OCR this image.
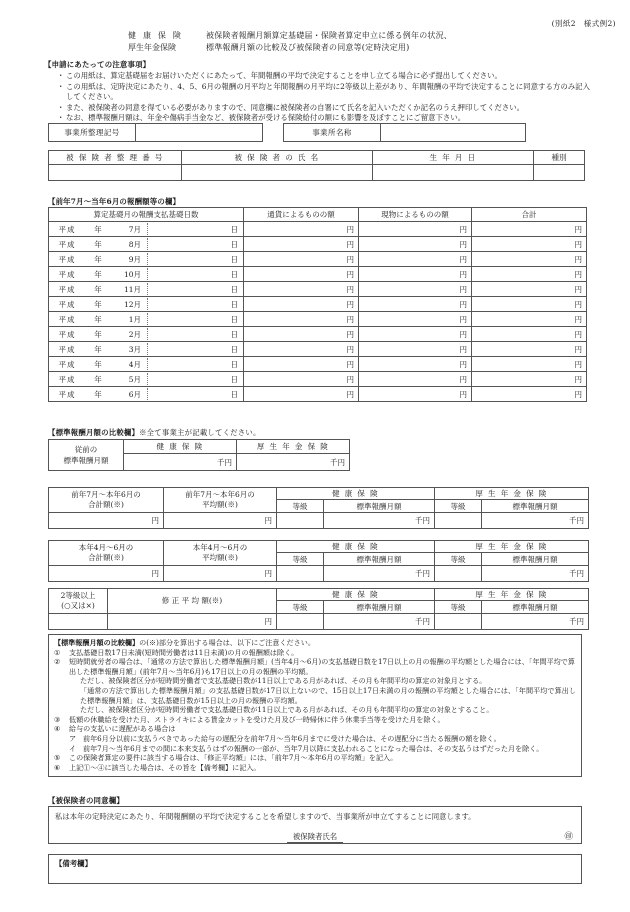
(別紙2　様式例2)
健 康 保 険	被保険者報酬月額算定基礎届・保険者算定申立に係る例年の状況、
厚生年金保険	標準報酬月額の比較及び被保険者の同意等(定時決定用)
【申請にあたっての注意事項】
・ この用紙は、算定基礎届をお届けいただくにあたって、年間報酬の平均で決定することを申し立てる場合に必ず提出してください。
・ この用紙は、定時決定にあたり、4、5、6月の報酬の月平均と年間報酬の月平均に2等級以上差があり、年間報酬の平均で決定することに同意する方のみ記入してください。
・ また、被保険者の同意を得ている必要がありますので、同意欄に被保険者の自署にて氏名を記入いただくか記名のうえ押印してください。
・ なお、標準報酬月額は、年金や傷病手当金など、被保険者が受ける保険給付の額にも影響を及ぼすことにご留意下さい。
事業所整理記号			事業所名称	
被 保 険 者 整 理 番 号	被 保 険 者 の 氏 名	生 年 月 日	種別

【前年7月～当年6月の報酬額等の欄】
算定基礎月の報酬支払基礎日数	通貨によるものの額	現物によるものの額	合計

平成 年 7月 日	円	円	円

平成 年 8月 日	円	円	円

平成 年 9月 日	円	円	円

平成 年 10月 日	円	円	円

平成 年 11月 日	円	円	円

平成 年 12月 日	円	円	円

平成 年 1月 日	円	円	円

平成 年 2月 日	円	円	円

平成 年 3月 日	円	円	円

平成 年 4月 日	円	円	円

平成 年 5月 日	円	円	円

平成 年 6月 日	円	円	円
【標準報酬月額の比較欄】※全て事業主が記載してください。
従前の
標準報酬月額	健 康 保 険	厚 生 年 金 保 険

	千円	千円
前年7月～本年6月の
合計額(※)

前年7月～本年6月の
平均額(※)
	健 康 保 険	厚 生 年 金 保 険
		等級	標準報酬月額	等級	標準報酬月額

円	円		千円		千円
本年4月～6月の
合計額(※)

本年4月～6月の
平均額(※)
	健 康 保 険	厚 生 年 金 保 険
		等級	標準報酬月額	等級	標準報酬月額

円	円		千円		千円
2等級以上
(○又は×)	修 正 平 均 額(※)	健 康 保 険		厚 生 年 金 保 険	
		等級	標準報酬月額	等級	標準報酬月額

	円		千円		千円

【標準報酬月額の比較欄】の(※)部分を算出する場合は、以下にご注意ください。

①	支払基礎日数17日未満(短時間労働者は11日未満)の月の報酬額は除く。
②	短時間就労者の場合は、「通常の方法で算出した標準報酬月額」(当年4月～6月)の支払基礎日数を17日以上の月の報酬の平均額とした場合には、「年間平均で算出した標準報酬月額」(前年7月～当年6月)も17日以上の月の報酬の平均額。

ただし、被保険者区分が短時間労働者で支払基礎日数が11日以上である月があれば、その月も年間平均の算定の対象月とする。

「通常の方法で算出した標準報酬月額」の支払基礎日数が17日以上ないので、15日以上17日未満の月の報酬の平均額とした場合には、「年間平均で算出した標準報酬月額」は、支払基礎日数が15日以上の月の報酬の平均額。

ただし、被保険者区分が短時間労働者で支払基礎日数が11日以上である月があれば、その月も年間平均の算定の対象とすること。

③	低額の休職給を受けた月、ストライキによる賃金カットを受けた月及び一時帰休に伴う休業手当等を受けた月を除く。
④	給与の支払いに遅配がある場合は
ア 前年6月分以前に支払うべきであった給与の遅配分を前年7月～当年6月までに受けた場合は、その遅配分に当たる報酬の額を除く。
イ 前年7月～当年6月までの間に本来支払うはずの報酬の一部が、当年7月以降に支払われることになった場合は、その支払うはずだった月を除く。
⑤	この保険者算定の要件に該当する場合は、「修正平均額」には、「前年7月～本年6月の平均額」を記入。
⑥	上記①～④に該当した場合は、その旨を【備考欄】に記入。
【被保険者の同意欄】
私は本年の定時決定にあたり、年間報酬額の平均で決定することを希望しますので、当事業所が申立てすることに同意します。
被保険者氏名	㊞
【備考欄】
